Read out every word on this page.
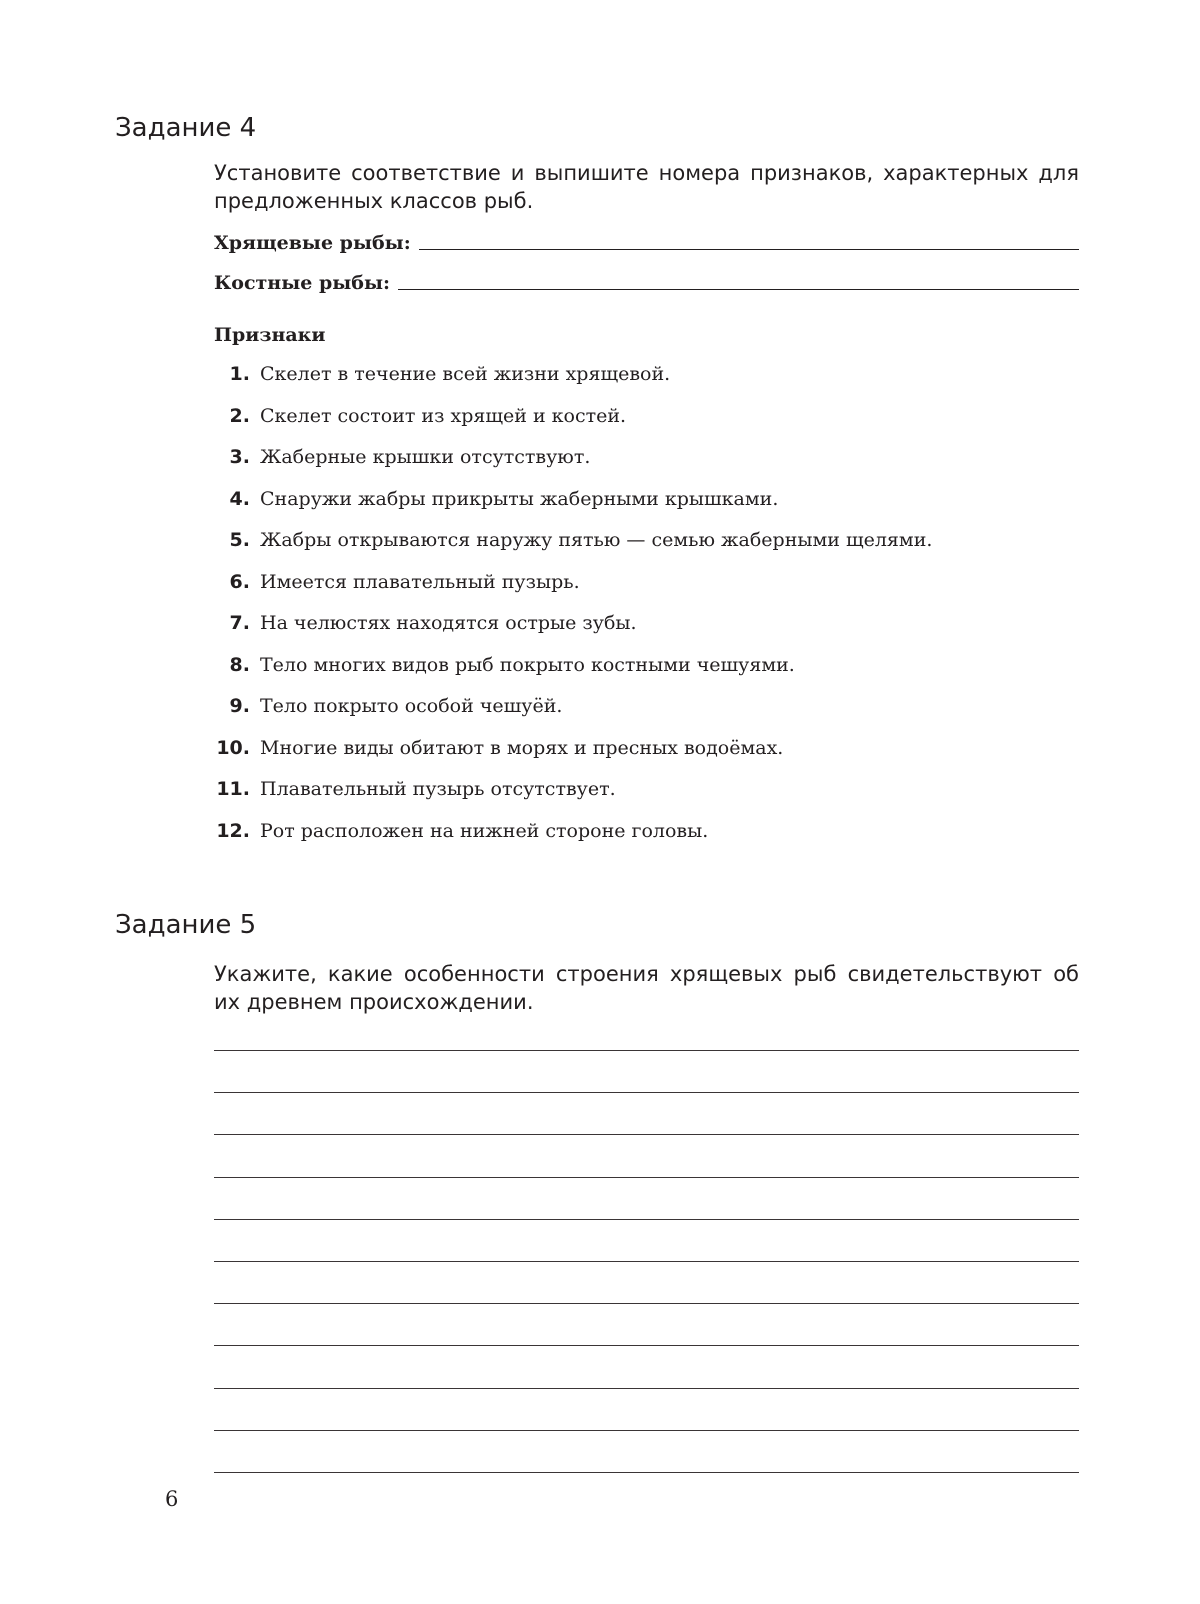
Задание 4

Установите соответствие и выпишите номера признаков, характерных для предложенных классов рыб.

Хрящевые рыбы:
Костные рыбы:
Признаки
1. Скелет в течение всей жизни хрящевой.
2. Скелет состоит из хрящей и костей.
3. Жаберные крышки отсутствуют.
4. Снаружи жабры прикрыты жаберными крышками.
5. Жабры открываются наружу пятью — семью жаберными щелями.
6. Имеется плавательный пузырь.
7. На челюстях находятся острые зубы.
8. Тело многих видов рыб покрыто костными чешуями.
9. Тело покрыто особой чешуёй.
10. Многие виды обитают в морях и пресных водоёмах.
11. Плавательный пузырь отсутствует.
12. Рот расположен на нижней стороне головы.
Задание 5

Укажите, какие особенности строения хрящевых рыб свидетельствуют об их древнем происхождении.

6
